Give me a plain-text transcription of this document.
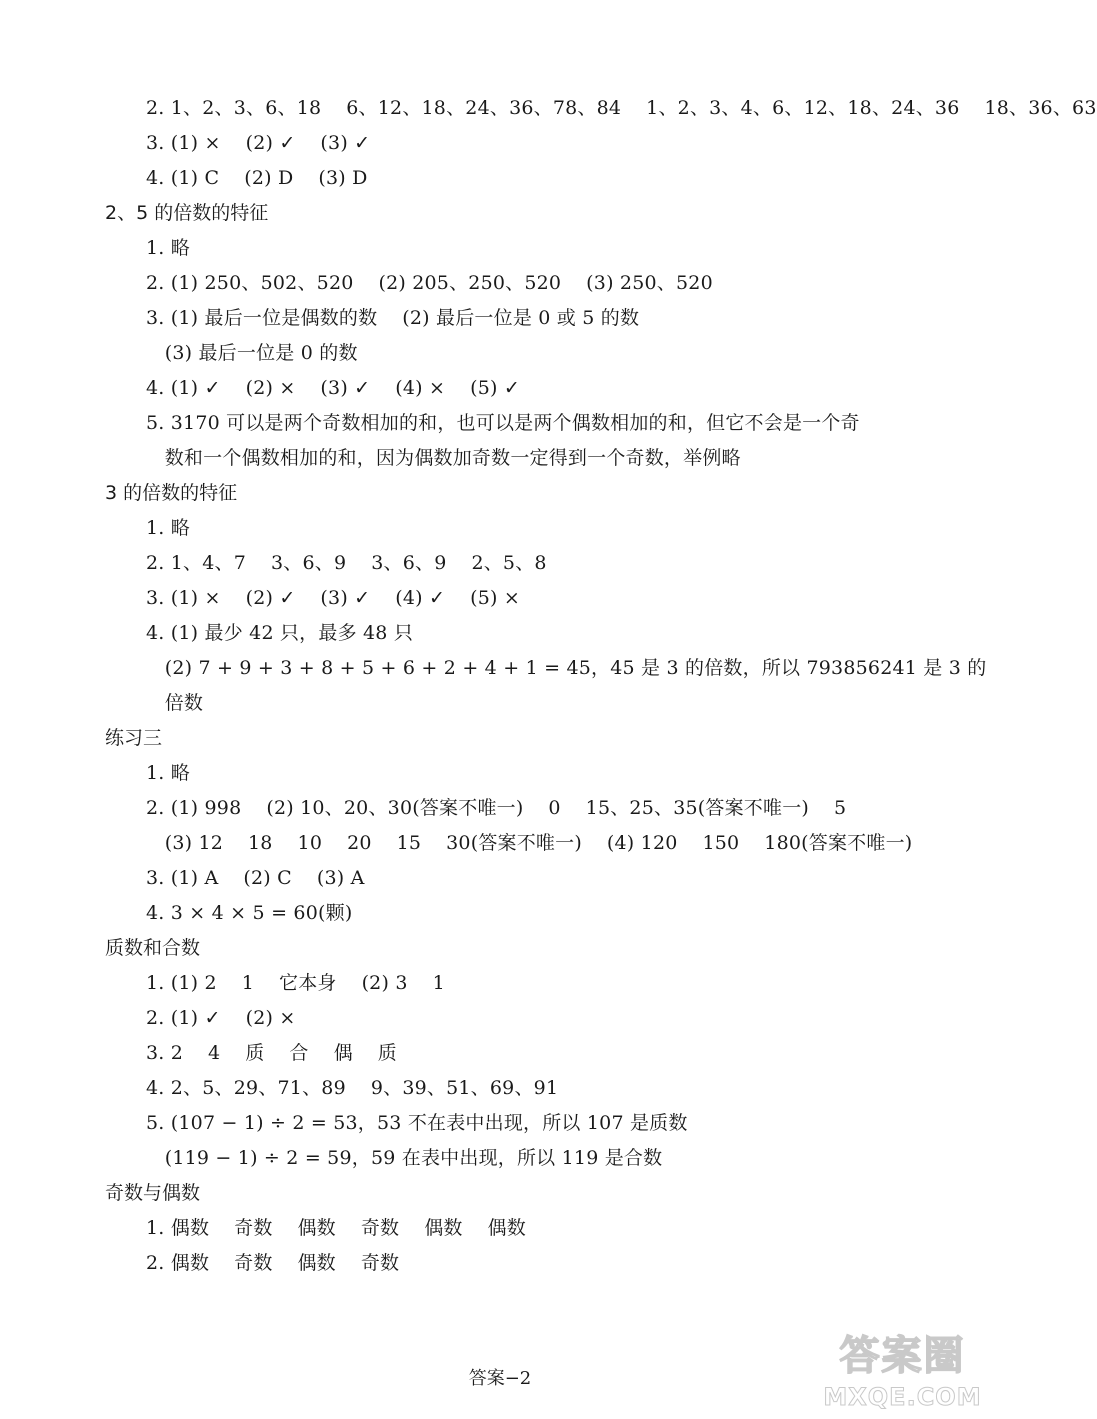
2. 1、2、3、6、18    6、12、18、24、36、78、84    1、2、3、4、6、12、18、24、36    18、36、63
3. (1) ×    (2) ✓    (3) ✓
4. (1) C    (2) D    (3) D
2、5 的倍数的特征
1. 略
2. (1) 250、502、520    (2) 205、250、520    (3) 250、520
3. (1) 最后一位是偶数的数    (2) 最后一位是 0 或 5 的数
(3) 最后一位是 0 的数
4. (1) ✓    (2) ×    (3) ✓    (4) ×    (5) ✓
5. 3170 可以是两个奇数相加的和，也可以是两个偶数相加的和，但它不会是一个奇
数和一个偶数相加的和，因为偶数加奇数一定得到一个奇数，举例略
3 的倍数的特征
1. 略
2. 1、4、7    3、6、9    3、6、9    2、5、8
3. (1) ×    (2) ✓    (3) ✓    (4) ✓    (5) ×
4. (1) 最少 42 只，最多 48 只
(2) 7 + 9 + 3 + 8 + 5 + 6 + 2 + 4 + 1 = 45，45 是 3 的倍数，所以 793856241 是 3 的
倍数
练习三
1. 略
2. (1) 998    (2) 10、20、30(答案不唯一)    0    15、25、35(答案不唯一)    5
(3) 12    18    10    20    15    30(答案不唯一)    (4) 120    150    180(答案不唯一)
3. (1) A    (2) C    (3) A
4. 3 × 4 × 5 = 60(颗)
质数和合数
1. (1) 2    1    它本身    (2) 3    1
2. (1) ✓    (2) ×
3. 2    4    质    合    偶    质
4. 2、5、29、71、89    9、39、51、69、91
5. (107 − 1) ÷ 2 = 53，53 不在表中出现，所以 107 是质数
(119 − 1) ÷ 2 = 59，59 在表中出现，所以 119 是合数
奇数与偶数
1. 偶数    奇数    偶数    奇数    偶数    偶数
2. 偶数    奇数    偶数    奇数
答案−2	答案圈
MXQE.COM
